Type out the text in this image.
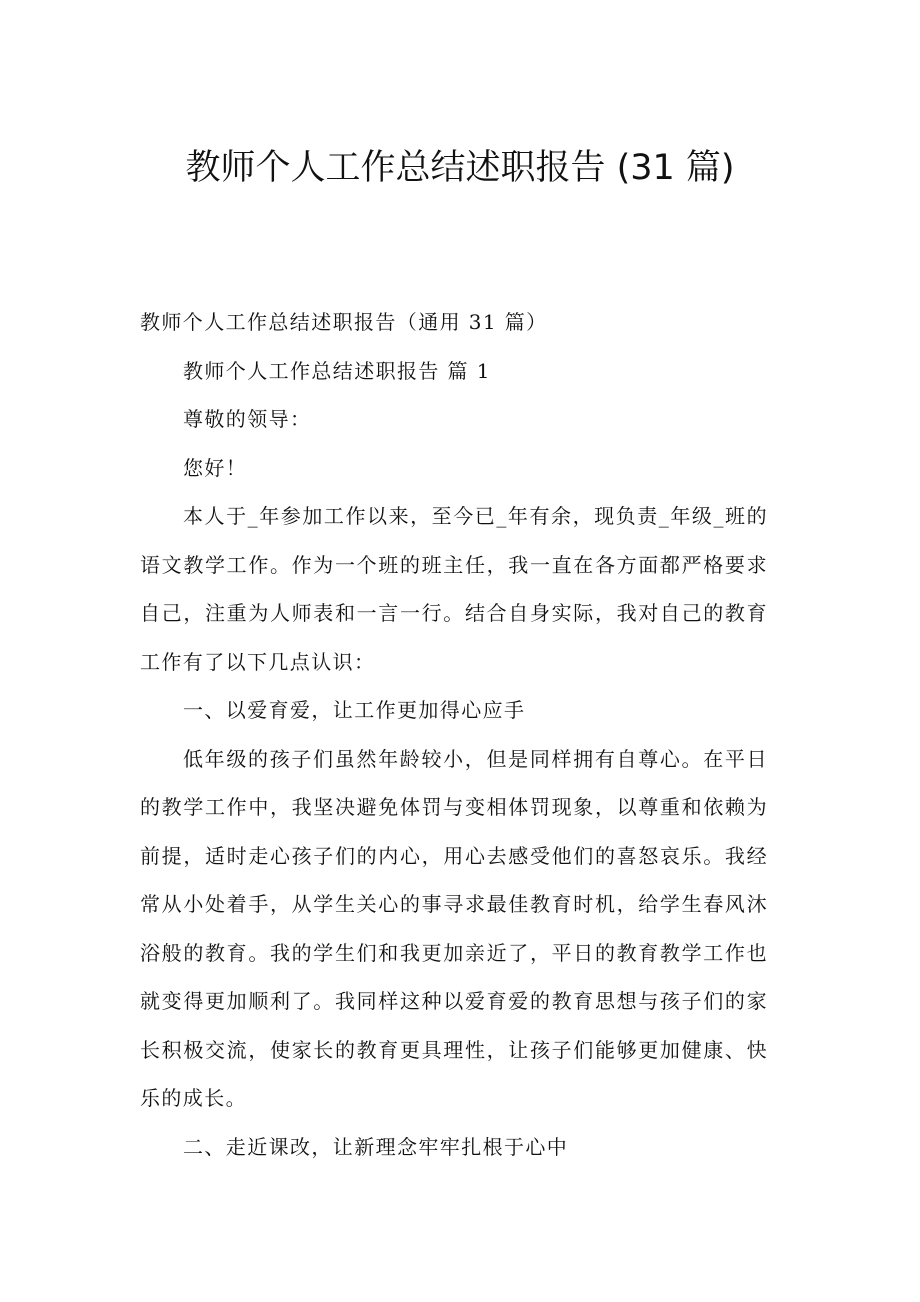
教师个人工作总结述职报告 (31 篇)

教师个人工作总结述职报告（通用 31 篇）

教师个人工作总结述职报告 篇 1

尊敬的领导：

您好！

本人于_年参加工作以来，至今已_年有余，现负责_年级_班的语文教学工作。作为一个班的班主任，我一直在各方面都严格要求自己，注重为人师表和一言一行。结合自身实际，我对自己的教育工作有了以下几点认识：

一、以爱育爱，让工作更加得心应手

低年级的孩子们虽然年龄较小，但是同样拥有自尊心。在平日的教学工作中，我坚决避免体罚与变相体罚现象，以尊重和依赖为前提，适时走心孩子们的内心，用心去感受他们的喜怒哀乐。我经常从小处着手，从学生关心的事寻求最佳教育时机，给学生春风沐浴般的教育。我的学生们和我更加亲近了，平日的教育教学工作也就变得更加顺利了。我同样这种以爱育爱的教育思想与孩子们的家长积极交流，使家长的教育更具理性，让孩子们能够更加健康、快乐的成长。

二、走近课改，让新理念牢牢扎根于心中
